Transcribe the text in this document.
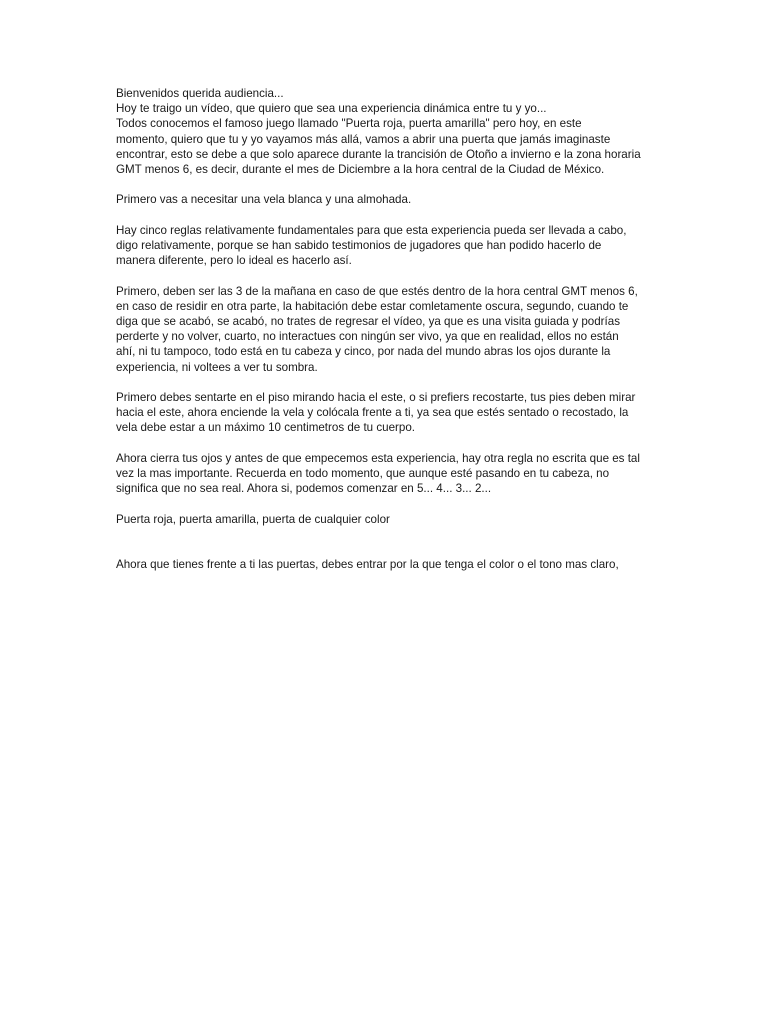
Bienvenidos querida audiencia...
Hoy te traigo un vídeo, que quiero que sea una experiencia dinámica entre tu y yo...
Todos conocemos el famoso juego llamado "Puerta roja, puerta amarilla" pero hoy, en este
momento, quiero que tu y yo vayamos más allá, vamos a abrir una puerta que jamás imaginaste
encontrar, esto se debe a que solo aparece durante la trancisión de Otoño a invierno e la zona horaria
GMT menos 6, es decir, durante el mes de Diciembre a la hora central de la Ciudad de México.

Primero vas a necesitar una vela blanca y una almohada.

Hay cinco reglas relativamente fundamentales para que esta experiencia pueda ser llevada a cabo,
digo relativamente, porque se han sabido testimonios de jugadores que han podido hacerlo de
manera diferente, pero lo ideal es hacerlo así.

Primero, deben ser las 3 de la mañana en caso de que estés dentro de la hora central GMT menos 6,
en caso de residir en otra parte, la habitación debe estar comletamente oscura, segundo, cuando te
diga que se acabó, se acabó, no trates de regresar el vídeo, ya que es una visita guiada y podrías
perderte y no volver, cuarto, no interactues con ningún ser vivo, ya que en realidad, ellos no están
ahí, ni tu tampoco, todo está en tu cabeza y cinco, por nada del mundo abras los ojos durante la
experiencia, ni voltees a ver tu sombra.

Primero debes sentarte en el piso mirando hacia el este, o si prefiers recostarte, tus pies deben mirar
hacia el este, ahora enciende la vela y colócala frente a ti, ya sea que estés sentado o recostado, la
vela debe estar a un máximo 10 centimetros de tu cuerpo.

Ahora cierra tus ojos y antes de que empecemos esta experiencia, hay otra regla no escrita que es tal
vez la mas importante. Recuerda en todo momento, que aunque esté pasando en tu cabeza, no
significa que no sea real. Ahora si, podemos comenzar en 5... 4... 3... 2...

Puerta roja, puerta amarilla, puerta de cualquier color

Ahora que tienes frente a ti las puertas, debes entrar por la que tenga el color o el tono mas claro,
